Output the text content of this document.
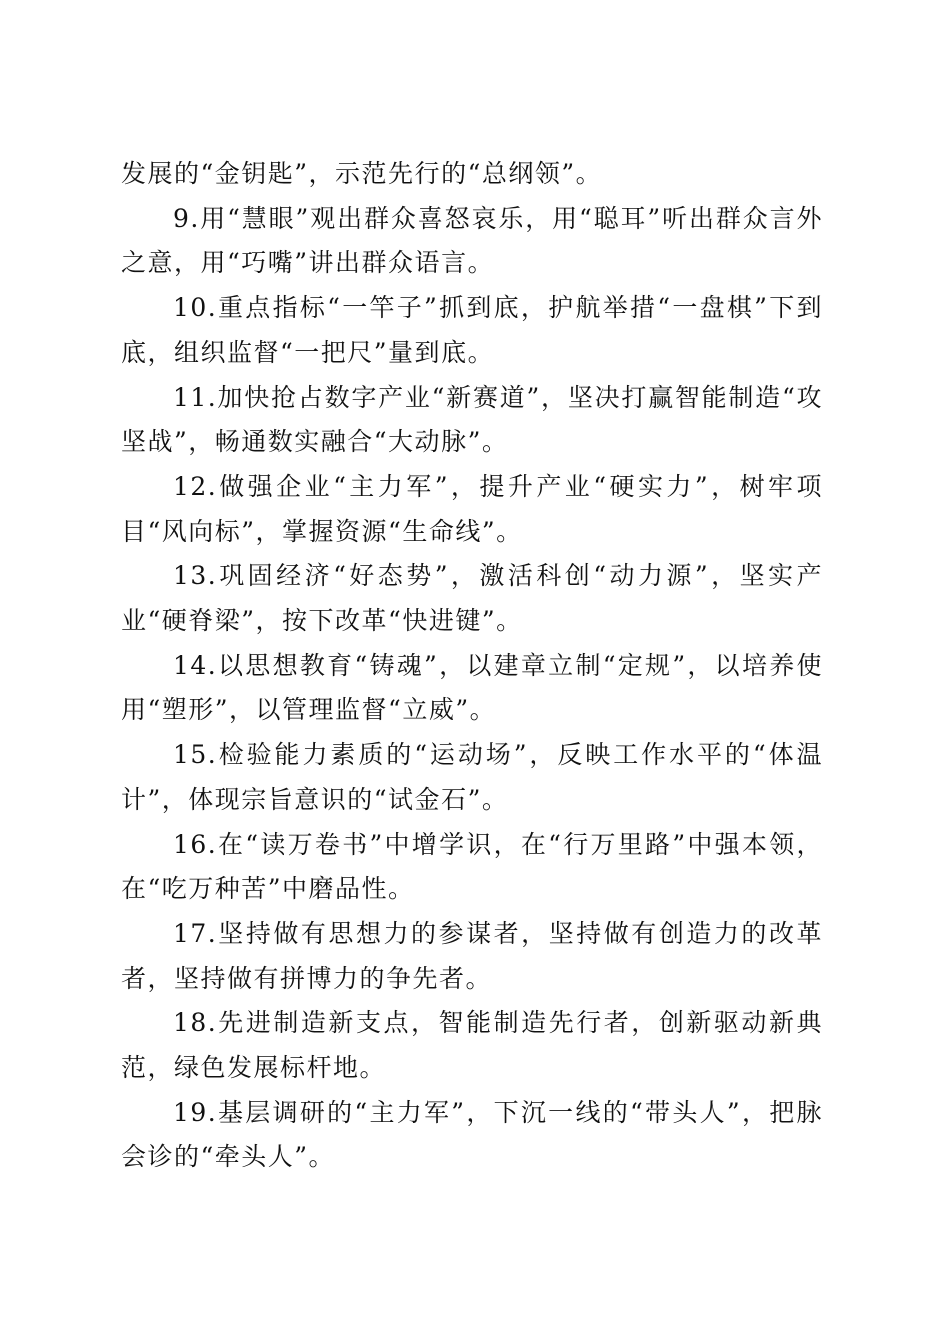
发展的“金钥匙”，示范先行的“总纲领”。

9.用“慧眼”观出群众喜怒哀乐，用“聪耳”听出群众言外之意，用“巧嘴”讲出群众语言。

10.重点指标“一竿子”抓到底，护航举措“一盘棋”下到底，组织监督“一把尺”量到底。

11.加快抢占数字产业“新赛道”，坚决打赢智能制造“攻坚战”，畅通数实融合“大动脉”。

12.做强企业“主力军”，提升产业“硬实力”，树牢项目“风向标”，掌握资源“生命线”。

13.巩固经济“好态势”，激活科创“动力源”，坚实产业“硬脊梁”，按下改革“快进键”。

14.以思想教育“铸魂”，以建章立制“定规”，以培养使用“塑形”，以管理监督“立威”。

15.检验能力素质的“运动场”，反映工作水平的“体温计”，体现宗旨意识的“试金石”。

16.在“读万卷书”中增学识，在“行万里路”中强本领，在“吃万种苦”中磨品性。

17.坚持做有思想力的参谋者，坚持做有创造力的改革者，坚持做有拼博力的争先者。

18.先进制造新支点，智能制造先行者，创新驱动新典范，绿色发展标杆地。

19.基层调研的“主力军”，下沉一线的“带头人”，把脉会诊的“牵头人”。
